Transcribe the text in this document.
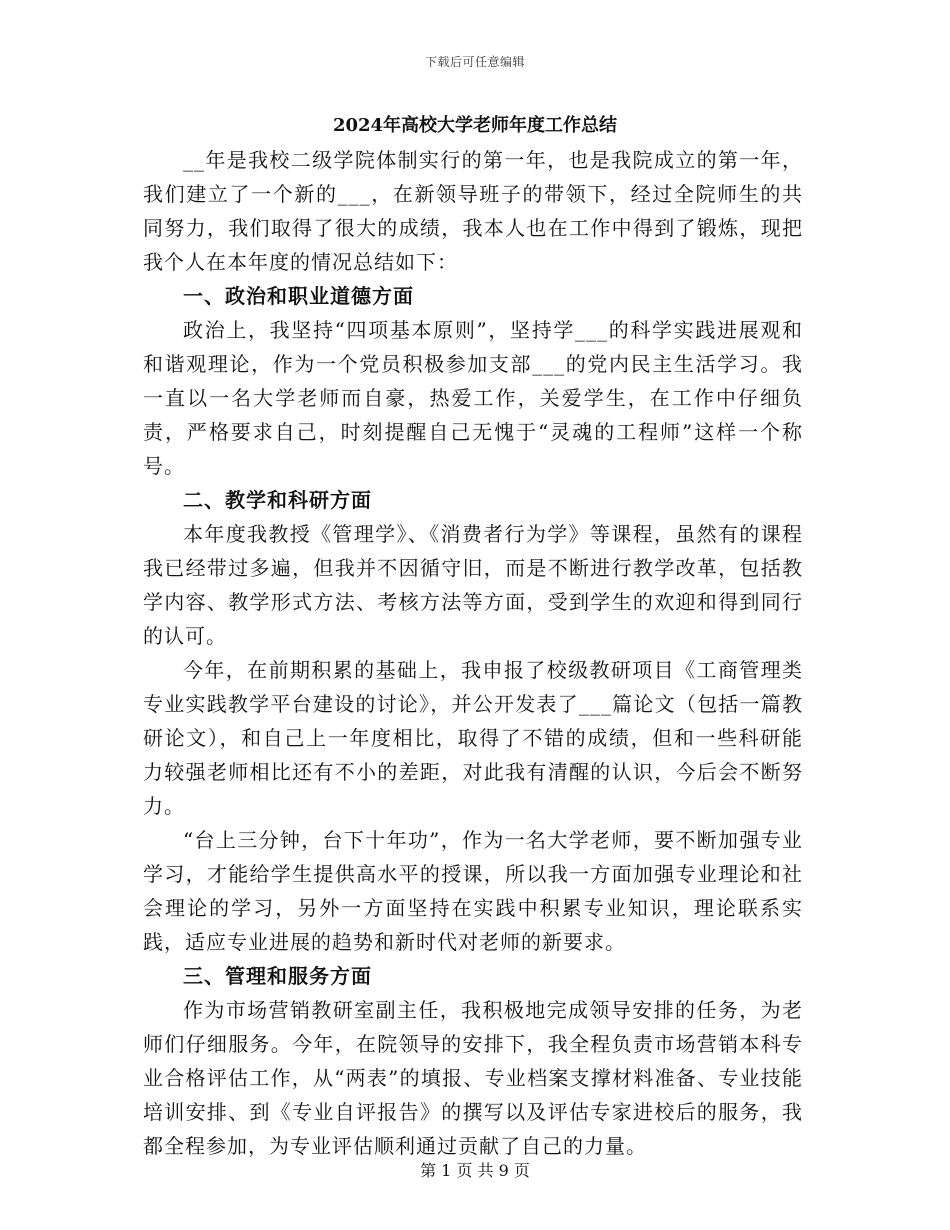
下载后可任意编辑
2024年高校大学老师年度工作总结

__年是我校二级学院体制实行的第一年，也是我院成立的第一年，我们建立了一个新的___，在新领导班子的带领下，经过全院师生的共同努力，我们取得了很大的成绩，我本人也在工作中得到了锻炼，现把我个人在本年度的情况总结如下：

一、政治和职业道德方面

政治上，我坚持“四项基本原则”，坚持学___的科学实践进展观和和谐观理论，作为一个党员积极参加支部___的党内民主生活学习。我一直以一名大学老师而自豪，热爱工作，关爱学生，在工作中仔细负责，严格要求自己，时刻提醒自己无愧于“灵魂的工程师”这样一个称号。

二、教学和科研方面

本年度我教授《管理学》、《消费者行为学》等课程，虽然有的课程我已经带过多遍，但我并不因循守旧，而是不断进行教学改革，包括教学内容、教学形式方法、考核方法等方面，受到学生的欢迎和得到同行的认可。

今年，在前期积累的基础上，我申报了校级教研项目《工商管理类专业实践教学平台建设的讨论》，并公开发表了___篇论文（包括一篇教研论文），和自己上一年度相比，取得了不错的成绩，但和一些科研能力较强老师相比还有不小的差距，对此我有清醒的认识，今后会不断努力。

“台上三分钟，台下十年功”，作为一名大学老师，要不断加强专业学习，才能给学生提供高水平的授课，所以我一方面加强专业理论和社会理论的学习，另外一方面坚持在实践中积累专业知识，理论联系实践，适应专业进展的趋势和新时代对老师的新要求。

三、管理和服务方面

作为市场营销教研室副主任，我积极地完成领导安排的任务，为老师们仔细服务。今年，在院领导的安排下，我全程负责市场营销本科专业合格评估工作，从“两表”的填报、专业档案支撑材料准备、专业技能培训安排、到《专业自评报告》的撰写以及评估专家进校后的服务，我都全程参加，为专业评估顺利通过贡献了自己的力量。

第 1 页 共 9 页
